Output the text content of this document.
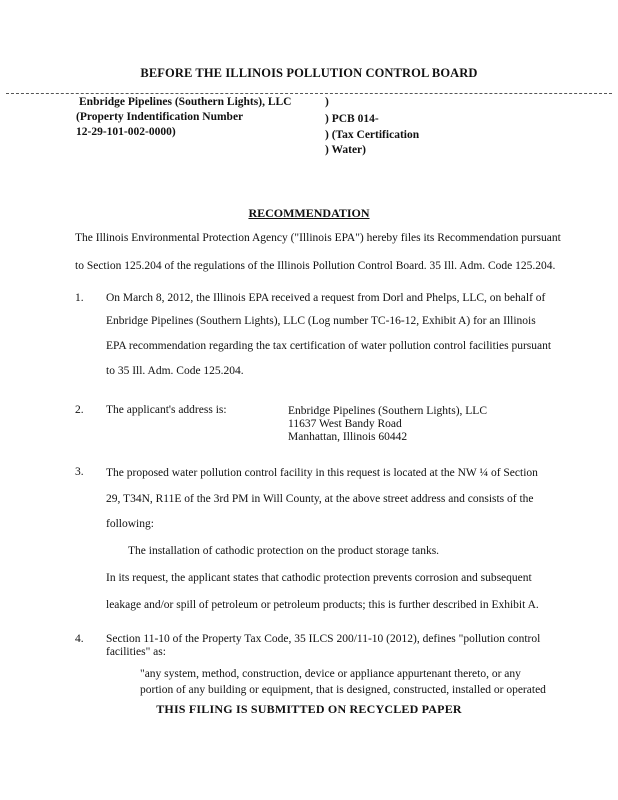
BEFORE THE ILLINOIS POLLUTION CONTROL BOARD
Enbridge Pipelines (Southern Lights), LLC
(Property Indentification Number
12-29-101-002-0000)
)
) PCB 014-
) (Tax Certification
) Water)
RECOMMENDATION
The Illinois Environmental Protection Agency ("Illinois EPA") hereby files its Recommendation pursuant
to Section 125.204 of the regulations of the Illinois Pollution Control Board. 35 Ill. Adm. Code 125.204.
1. On March 8, 2012, the Illinois EPA received a request from Dorl and Phelps, LLC, on behalf of
Enbridge Pipelines (Southern Lights), LLC (Log number TC-16-12, Exhibit A) for an Illinois
EPA recommendation regarding the tax certification of water pollution control facilities pursuant
to 35 Ill. Adm. Code 125.204.
2. The applicant's address is:	Enbridge Pipelines (Southern Lights), LLC
11637 West Bandy Road
Manhattan, Illinois 60442
3. The proposed water pollution control facility in this request is located at the NW ¼ of Section
29, T34N, R11E of the 3rd PM in Will County, at the above street address and consists of the
following:
The installation of cathodic protection on the product storage tanks.
In its request, the applicant states that cathodic protection prevents corrosion and subsequent
leakage and/or spill of petroleum or petroleum products; this is further described in Exhibit A.
4. Section 11-10 of the Property Tax Code, 35 ILCS 200/11-10 (2012), defines "pollution control
facilities" as:
"any system, method, construction, device or appliance appurtenant thereto, or any
portion of any building or equipment, that is designed, constructed, installed or operated
THIS FILING IS SUBMITTED ON RECYCLED PAPER
